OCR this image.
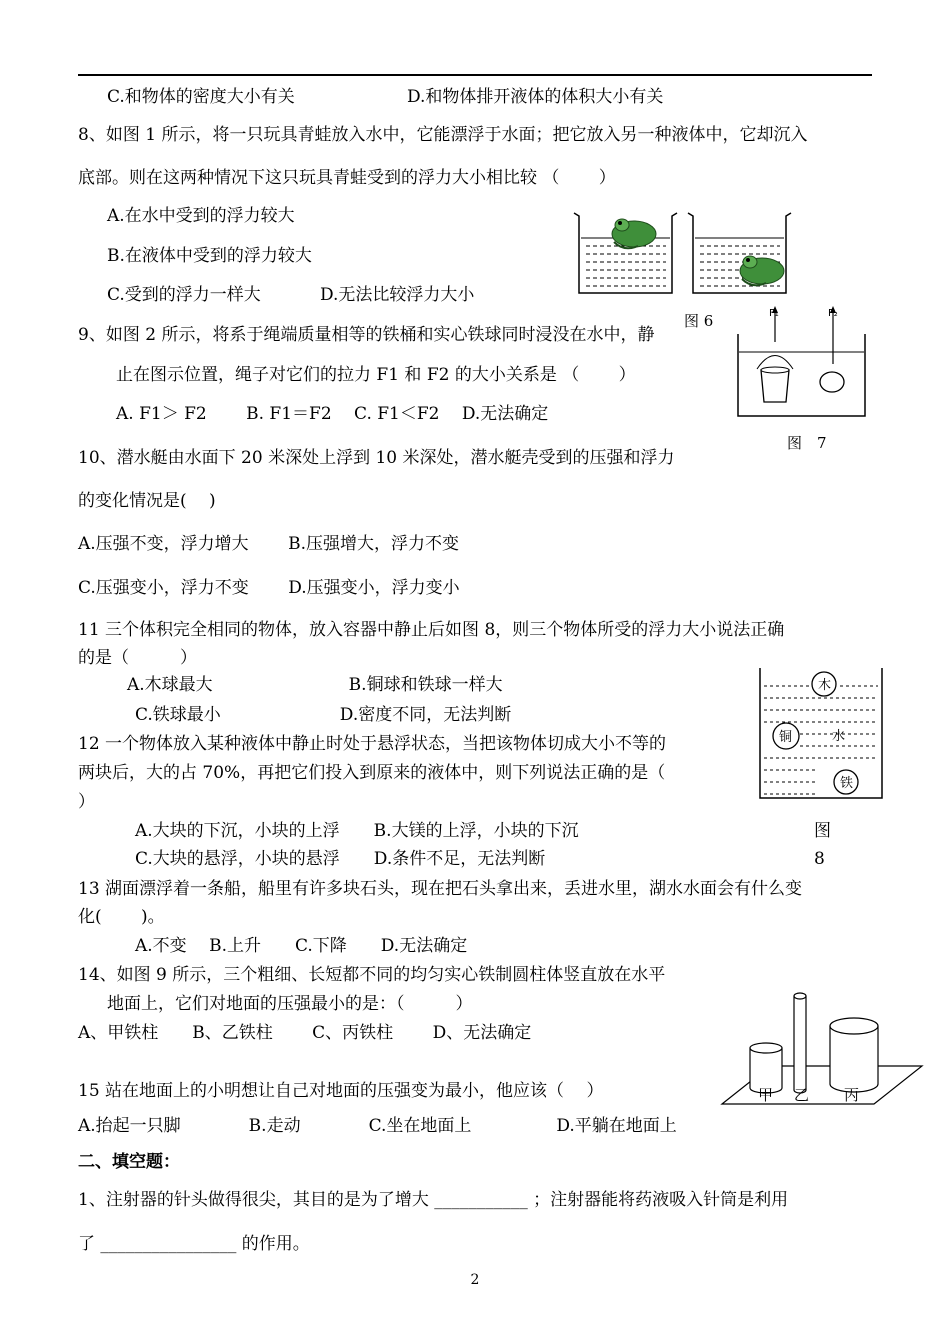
C.和物体的密度大小有关	D.和物体排开液体的体积大小有关
8、如图 1 所示，将一只玩具青蛙放入水中，它能漂浮于水面；把它放入另一种液体中，它却沉入
底部。则在这两种情况下这只玩具青蛙受到的浮力大小相比较 （　　 ）
A.在水中受到的浮力较大
B.在液体中受到的浮力较大
C.受到的浮力一样大	D.无法比较浮力大小
图 6
9、如图 2 所示，将系于绳端质量相等的铁桶和实心铁球同时浸没在水中，静
止在图示位置，绳子对它们的拉力 F1 和 F2 的大小关系是 （　　 ）
A. F1＞ F2　　 B. F1＝F2　 C. F1＜F2　 D.无法确定
F₁	F₂
图　7
10、潜水艇由水面下 20 米深处上浮到 10 米深处，潜水艇壳受到的压强和浮力
的变化情况是(　 )
A.压强不变，浮力增大　　 B.压强增大，浮力不变
C.压强变小，浮力不变　　 D.压强变小，浮力变小
11 三个体积完全相同的物体，放入容器中静止后如图 8，则三个物体所受的浮力大小说法正确
的是（　　　）
A.木球最大　　　　　　　　B.铜球和铁球一样大
C.铁球最小　　　　　　　D.密度不同，无法判断
木
铜	水
铁
图
8
12 一个物体放入某种液体中静止时处于悬浮状态，当把该物体切成大小不等的
两块后，大的占 70%，再把它们投入到原来的液体中，则下列说法正确的是（
）
A.大块的下沉，小块的上浮　　B.大镁的上浮，小块的下沉
C.大块的悬浮，小块的悬浮　　D.条件不足，无法判断
13 湖面漂浮着一条船，船里有许多块石头，现在把石头拿出来，丢进水里，湖水水面会有什么变
化(　　 )。
A.不变　 B.上升　　C.下降　　D.无法确定
14、如图 9 所示，三个粗细、长短都不同的均匀实心铁制圆柱体竖直放在水平
地面上，它们对地面的压强最小的是：（　　　）
A、甲铁柱　　B、乙铁柱　　 C、丙铁柱　　 D、无法确定
甲 乙 丙
15 站在地面上的小明想让自己对地面的压强变为最小，他应该（　 ）
A.抬起一只脚　　　　B.走动　　　　C.坐在地面上　　　　　D.平躺在地面上
二、填空题：
1、注射器的针头做得很尖，其目的是为了增大 ___________ ；注射器能将药液吸入针筒是利用
了 ________________ 的作用。
2
